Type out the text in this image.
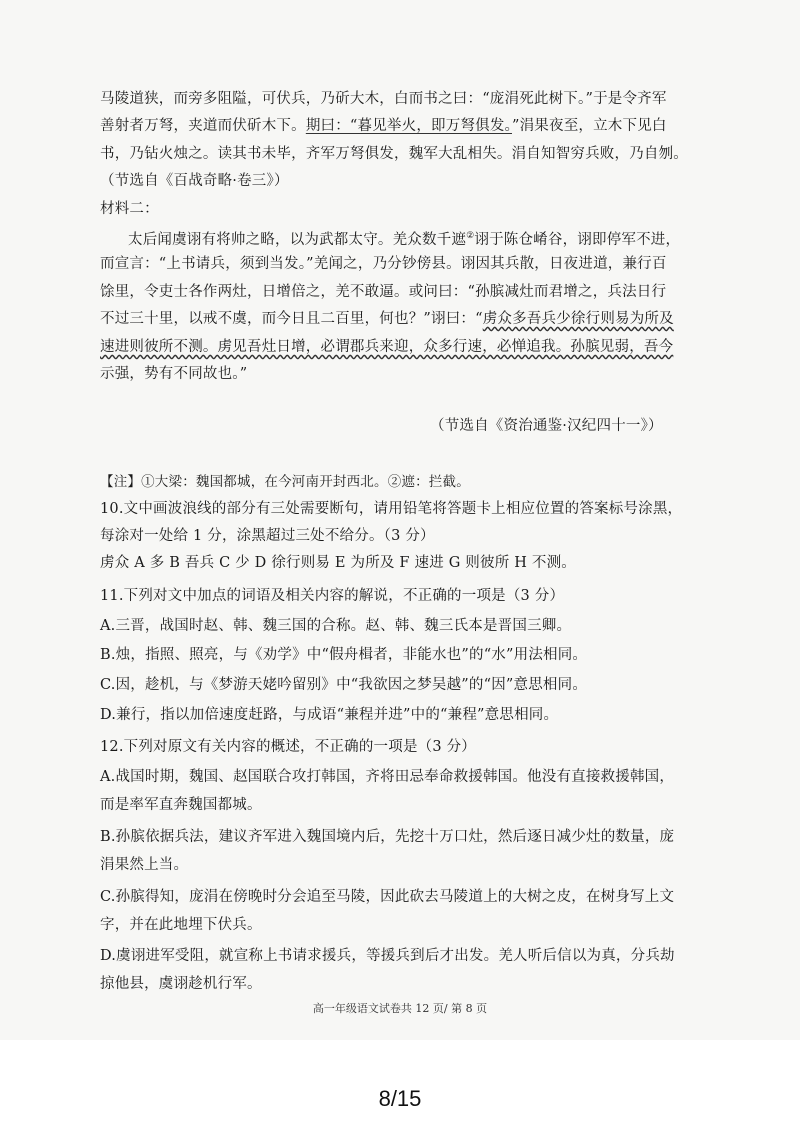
马陵道狭，而旁多阻隘，可伏兵，乃斫大木，白而书之曰：“庞涓死此树下。”于是令齐军
善射者万弩，夹道而伏斫木下。期曰：“暮见举火，即万弩俱发。”涓果夜至，立木下见白
书，乃钻火烛之。读其书未毕，齐军万弩俱发，魏军大乱相失。涓自知智穷兵败，乃自刎。
（节选自《百战奇略·卷三》）
材料二：
太后闻虞诩有将帅之略，以为武都太守。羌众数千遮②诩于陈仓崤谷，诩即停军不进，
而宣言：“上书请兵，须到当发。”羌闻之，乃分钞傍县。诩因其兵散，日夜进道，兼行百
馀里，令吏士各作两灶，日增倍之，羌不敢逼。或问曰：“孙膑减灶而君增之，兵法日行
不过三十里，以戒不虞，而今日且二百里，何也？”诩曰：“虏众多吾兵少徐行则易为所及
速进则彼所不测。虏见吾灶日增，必谓郡兵来迎，众多行速，必惮追我。孙膑见弱，吾今
示强，势有不同故也。”
（节选自《资治通鉴·汉纪四十一》）
【注】①大梁：魏国都城，在今河南开封西北。②遮：拦截。
10.文中画波浪线的部分有三处需要断句，请用铅笔将答题卡上相应位置的答案标号涂黑，
每涂对一处给 1 分，涂黑超过三处不给分。（3 分）
虏众 A 多 B 吾兵 C 少 D 徐行则易 E 为所及 F 速进 G 则彼所 H 不测。
11.下列对文中加点的词语及相关内容的解说，不正确的一项是（3 分）
A.三晋，战国时赵、韩、魏三国的合称。赵、韩、魏三氏本是晋国三卿。
B.烛，指照、照亮，与《劝学》中“假舟楫者，非能水也”的“水”用法相同。
C.因，趁机，与《梦游天姥吟留别》中“我欲因之梦吴越”的“因”意思相同。
D.兼行，指以加倍速度赶路，与成语“兼程并进”中的“兼程”意思相同。
12.下列对原文有关内容的概述，不正确的一项是（3 分）
A.战国时期，魏国、赵国联合攻打韩国，齐将田忌奉命救援韩国。他没有直接救援韩国，
而是率军直奔魏国都城。
B.孙膑依据兵法，建议齐军进入魏国境内后，先挖十万口灶，然后逐日减少灶的数量，庞
涓果然上当。
C.孙膑得知，庞涓在傍晚时分会追至马陵，因此砍去马陵道上的大树之皮，在树身写上文
字，并在此地埋下伏兵。
D.虞诩进军受阻，就宣称上书请求援兵，等援兵到后才出发。羌人听后信以为真，分兵劫
掠他县，虞诩趁机行军。
高一年级语文试卷共 12 页/ 第 8 页
8/15
